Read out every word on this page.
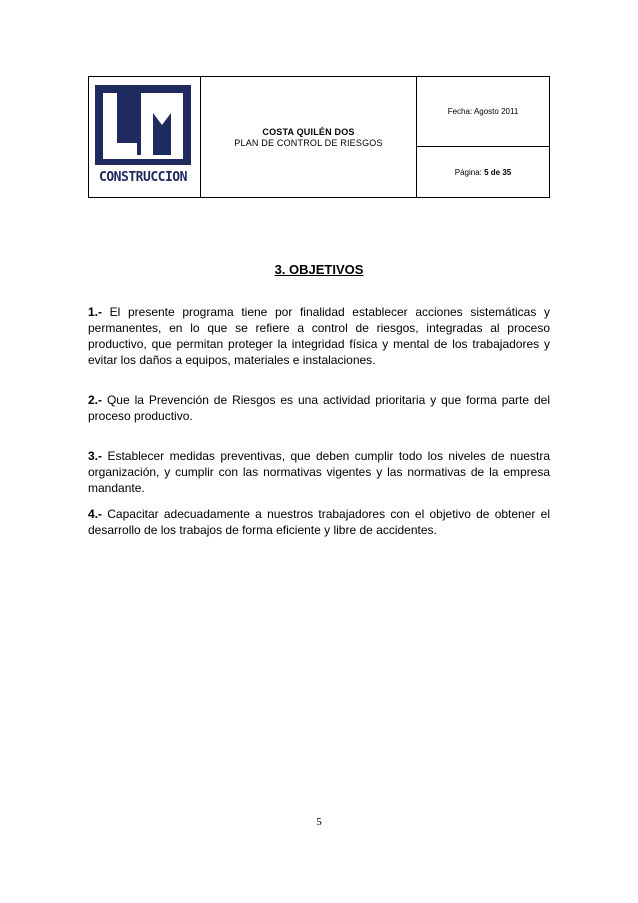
CONSTRUCCION
COSTA QUILÉN DOS
PLAN DE CONTROL DE RIESGOS
Fecha: Agosto 2011
Página:
5 de 35
3. OBJETIVOS

1.- El presente programa tiene por finalidad establecer acciones sistemáticas y permanentes, en lo que se refiere a control de riesgos, integradas al proceso productivo, que permitan proteger la integridad física y mental de los trabajadores y evitar los daños a equipos, materiales e instalaciones.

2.- Que la Prevención de Riesgos es una actividad prioritaria y que forma parte del proceso productivo.

3.- Establecer medidas preventivas, que deben cumplir todo los niveles de nuestra organización, y cumplir con las normativas vigentes y las normativas de la empresa mandante.

4.- Capacitar adecuadamente a nuestros trabajadores con el objetivo de obtener el desarrollo de los trabajos de forma eficiente y libre de accidentes.

5
